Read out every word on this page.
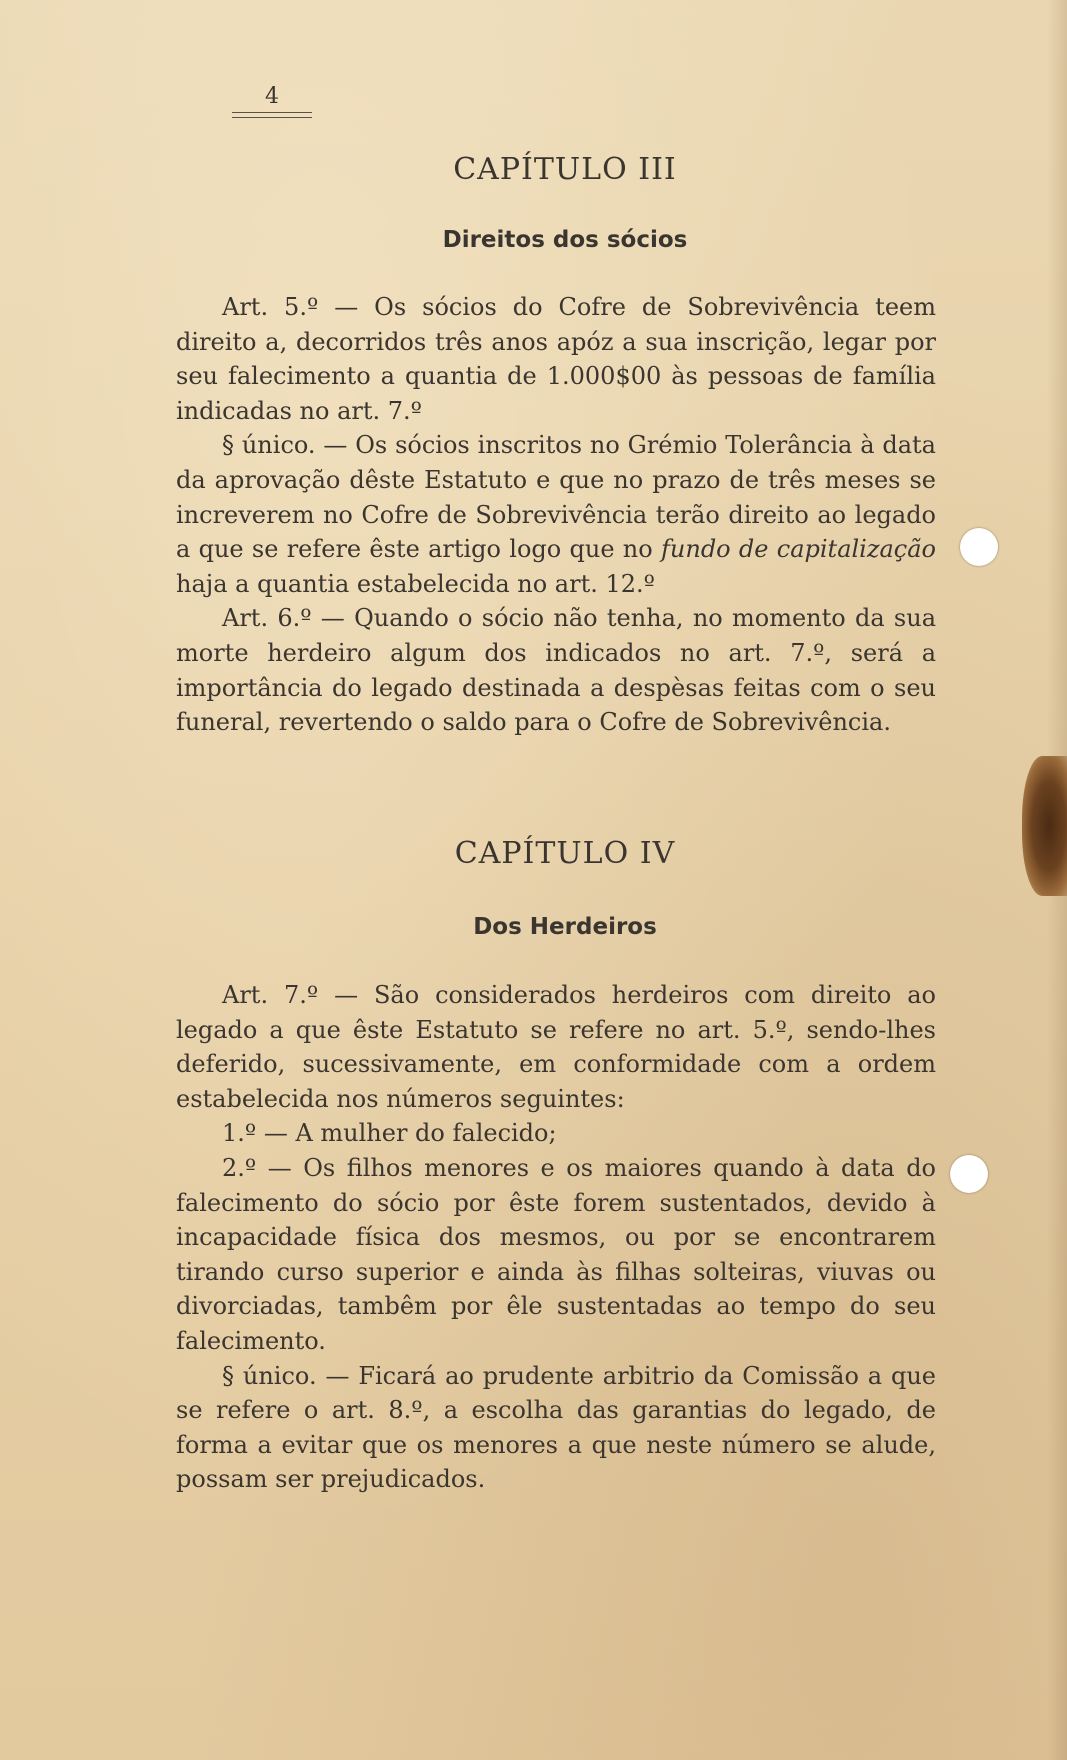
4
CAPÍTULO III
Direitos dos sócios

Art. 5.º — Os sócios do Cofre de Sobrevivência teem direito a, decorridos três anos apóz a sua inscrição, legar por seu falecimento a quantia de 1.000$00 às pessoas de família indicadas no art. 7.º

§ único. — Os sócios inscritos no Grémio Tolerância à data da aprovação dêste Estatuto e que no prazo de três meses se increverem no Cofre de Sobrevivência terão direito ao legado a que se refere êste artigo logo que no fundo de capitalização haja a quantia estabelecida no art. 12.º

Art. 6.º — Quando o sócio não tenha, no momento da sua morte herdeiro algum dos indicados no art. 7.º, será a importância do legado destinada a despèsas feitas com o seu funeral, revertendo o saldo para o Cofre de Sobrevivência.

CAPÍTULO IV
Dos Herdeiros

Art. 7.º — São considerados herdeiros com direito ao legado a que êste Estatuto se refere no art. 5.º, sendo-lhes deferido, sucessivamente, em conformidade com a ordem estabelecida nos números seguintes:

1.º — A mulher do falecido;

2.º — Os filhos menores e os maiores quando à data do falecimento do sócio por êste forem sustentados, devido à incapacidade física dos mesmos, ou por se encontrarem tirando curso superior e ainda às filhas solteiras, viuvas ou divorciadas, tambêm por êle sustentadas ao tempo do seu falecimento.

§ único. — Ficará ao prudente arbitrio da Comissão a que se refere o art. 8.º, a escolha das garantias do legado, de forma a evitar que os menores a que neste número se alude, possam ser prejudicados.
